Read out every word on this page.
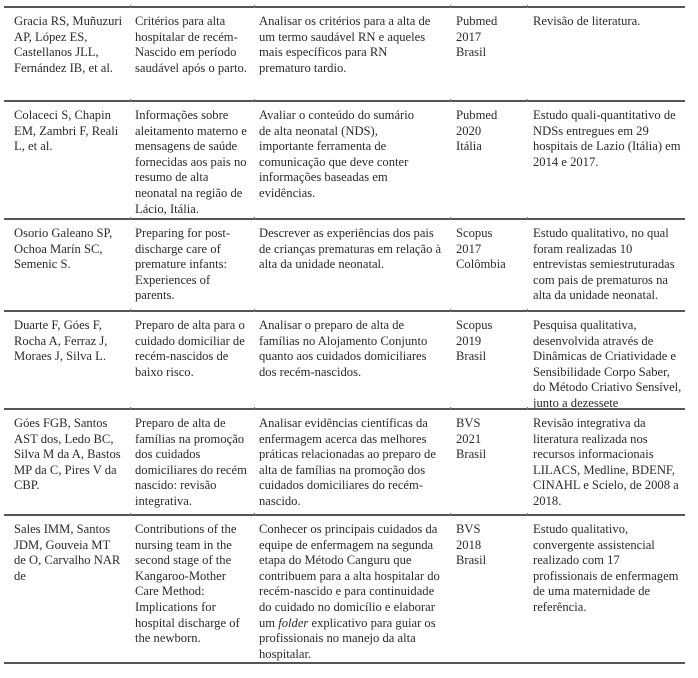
Gracia RS, Muñuzuri
AP, López ES,
Castellanos JLL,
Fernández IB, et al.
Critérios para alta
hospitalar de recém-
Nascido em período
saudável após o parto.
Analisar os critérios para a alta de
um termo saudável RN e aqueles
mais específicos para RN
prematuro tardio.
Pubmed
2017
Brasil
Revisão de literatura.
Colaceci S, Chapin
EM, Zambri F, Reali
L, et al.
Informações sobre
aleitamento materno e
mensagens de saúde
fornecidas aos pais no
resumo de alta
neonatal na região de
Lácio, Itália.
Avaliar o conteúdo do sumário
de alta neonatal (NDS),
importante ferramenta de
comunicação que deve conter
informações baseadas em
evidências.
Pubmed
2020
Itália
Estudo quali-quantitativo de
NDSs entregues em 29
hospitais de Lazio (Itália) em
2014 e 2017.
Osorio Galeano SP,
Ochoa Marín SC,
Semenic S.
Preparing for post-
discharge care of
premature infants:
Experiences of
parents.
Descrever as experiências dos pais
de crianças prematuras em relação à
alta da unidade neonatal.
Scopus
2017
Colômbia
Estudo qualitativo, no qual
foram realizadas 10
entrevistas semiestruturadas
com pais de prematuros na
alta da unidade neonatal.
Duarte F, Góes F,
Rocha A, Ferraz J,
Moraes J, Silva L.
Preparo de alta para o
cuidado domiciliar de
recém-nascidos de
baixo risco.
Analisar o preparo de alta de
famílias no Alojamento Conjunto
quanto aos cuidados domiciliares
dos recém-nascidos.
Scopus
2019
Brasil
Pesquisa qualitativa,
desenvolvida através de
Dinâmicas de Criatividade e
Sensibilidade Corpo Saber,
do Método Criativo Sensível,
junto a dezessete
Góes FGB, Santos
AST dos, Ledo BC,
Silva M da A, Bastos
MP da C, Pires V da
CBP.
Preparo de alta de
famílias na promoção
dos cuidados
domiciliares do recém
nascido: revisão
integrativa.
Analisar evidências científicas da
enfermagem acerca das melhores
práticas relacionadas ao preparo de
alta de famílias na promoção dos
cuidados domiciliares do recém-
nascido.
BVS
2021
Brasil
Revisão integrativa da
literatura realizada nos
recursos informacionais
LILACS, Medline, BDENF,
CINAHL e Scielo, de 2008 a
2018.
Sales IMM, Santos
JDM, Gouveia MT
de O, Carvalho NAR
de
Contributions of the
nursing team in the
second stage of the
Kangaroo-Mother
Care Method:
Implications for
hospital discharge of
the newborn.
Conhecer os principais cuidados da
equipe de enfermagem na segunda
etapa do Método Canguru que
contribuem para a alta hospitalar do
recém-nascido e para continuidade
do cuidado no domicílio e elaborar
um folder explicativo para guiar os
profissionais no manejo da alta
hospitalar.
BVS
2018
Brasil
Estudo qualitativo,
convergente assistencial
realizado com 17
profissionais de enfermagem
de uma maternidade de
referência.
